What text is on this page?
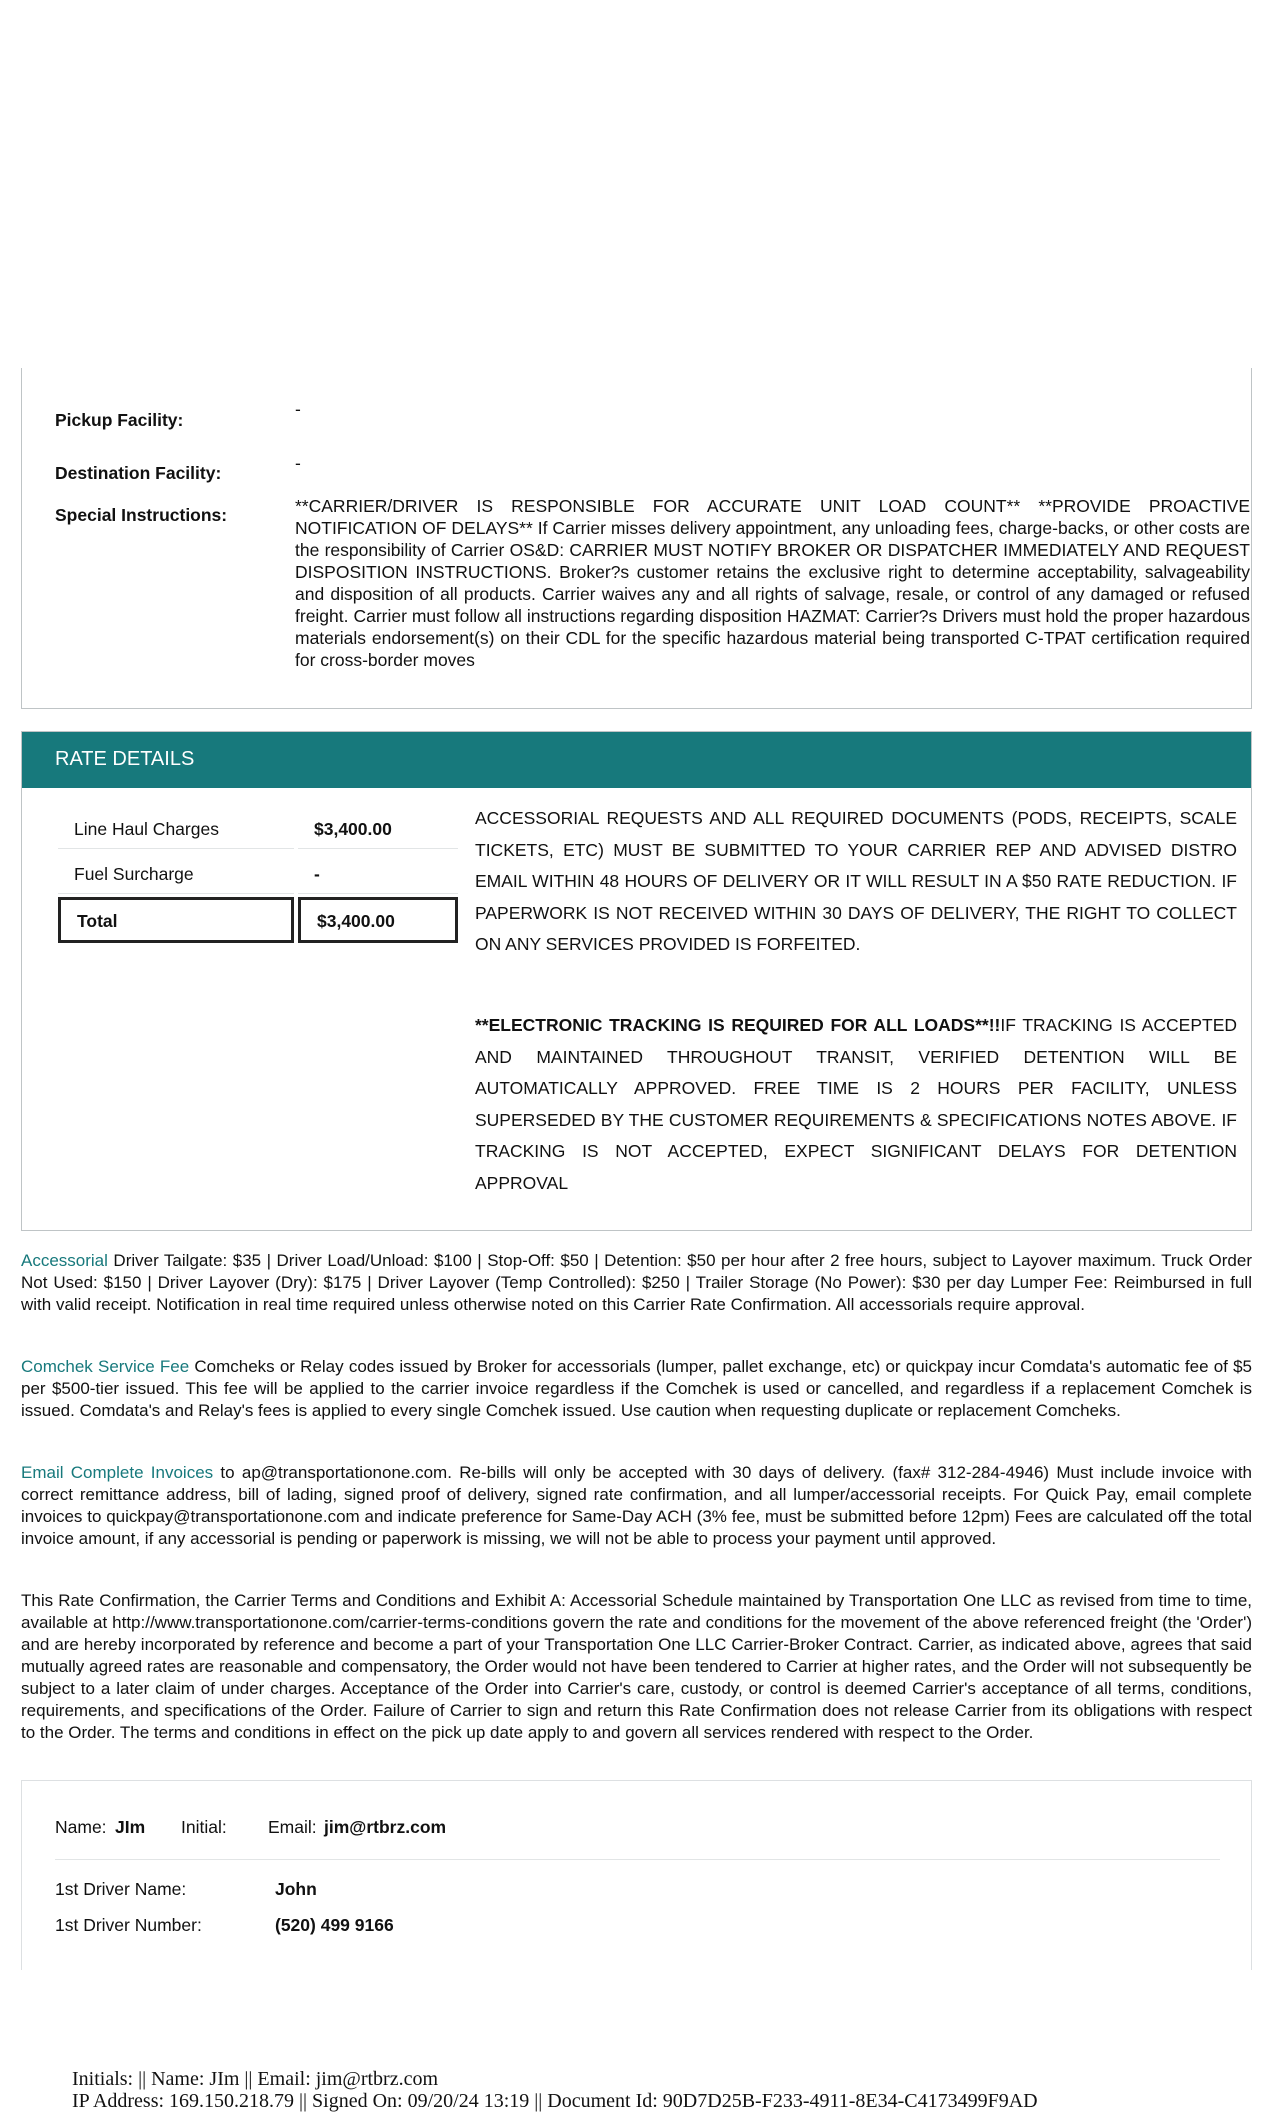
Pickup Facility:
-
Destination Facility:	-
Special Instructions:	**CARRIER/DRIVER IS RESPONSIBLE FOR ACCURATE UNIT LOAD COUNT** **PROVIDE PROACTIVE NOTIFICATION OF DELAYS** If Carrier misses delivery appointment, any unloading fees, charge-backs, or other costs are the responsibility of Carrier OS&D: CARRIER MUST NOTIFY BROKER OR DISPATCHER IMMEDIATELY AND REQUEST DISPOSITION INSTRUCTIONS. Broker?s customer retains the exclusive right to determine acceptability, salvageability and disposition of all products. Carrier waives any and all rights of salvage, resale, or control of any damaged or refused freight. Carrier must follow all instructions regarding disposition HAZMAT: Carrier?s Drivers must hold the proper hazardous materials endorsement(s) on their CDL for the specific hazardous material being transported C-TPAT certification required for cross-border moves
RATE DETAILS
Line Haul Charges	$3,400.00
Fuel Surcharge	-
Total	$3,400.00
ACCESSORIAL REQUESTS AND ALL REQUIRED DOCUMENTS (PODS, RECEIPTS, SCALE TICKETS, ETC) MUST BE SUBMITTED TO YOUR CARRIER REP AND ADVISED DISTRO EMAIL WITHIN 48 HOURS OF DELIVERY OR IT WILL RESULT IN A $50 RATE REDUCTION. IF PAPERWORK IS NOT RECEIVED WITHIN 30 DAYS OF DELIVERY, THE RIGHT TO COLLECT ON ANY SERVICES PROVIDED IS FORFEITED.
**ELECTRONIC TRACKING IS REQUIRED FOR ALL LOADS**!!IF TRACKING IS ACCEPTED AND MAINTAINED THROUGHOUT TRANSIT, VERIFIED DETENTION WILL BE AUTOMATICALLY APPROVED. FREE TIME IS 2 HOURS PER FACILITY, UNLESS SUPERSEDED BY THE CUSTOMER REQUIREMENTS & SPECIFICATIONS NOTES ABOVE. IF TRACKING IS NOT ACCEPTED, EXPECT SIGNIFICANT DELAYS FOR DETENTION APPROVAL
Accessorial Driver Tailgate: $35 | Driver Load/Unload: $100 | Stop-Off: $50 | Detention: $50 per hour after 2 free hours, subject to Layover maximum. Truck Order Not Used: $150 | Driver Layover (Dry): $175 | Driver Layover (Temp Controlled): $250 | Trailer Storage (No Power): $30 per day Lumper Fee: Reimbursed in full with valid receipt. Notification in real time required unless otherwise noted on this Carrier Rate Confirmation. All accessorials require approval.
Comchek Service Fee Comcheks or Relay codes issued by Broker for accessorials (lumper, pallet exchange, etc) or quickpay incur Comdata's automatic fee of $5 per $500-tier issued. This fee will be applied to the carrier invoice regardless if the Comchek is used or cancelled, and regardless if a replacement Comchek is issued. Comdata's and Relay's fees is applied to every single Comchek issued. Use caution when requesting duplicate or replacement Comcheks.
Email Complete Invoices to ap@transportationone.com. Re-bills will only be accepted with 30 days of delivery. (fax# 312-284-4946) Must include invoice with correct remittance address, bill of lading, signed proof of delivery, signed rate confirmation, and all lumper/accessorial receipts. For Quick Pay, email complete invoices to quickpay@transportationone.com and indicate preference for Same-Day ACH (3% fee, must be submitted before 12pm) Fees are calculated off the total invoice amount, if any accessorial is pending or paperwork is missing, we will not be able to process your payment until approved.
This Rate Confirmation, the Carrier Terms and Conditions and Exhibit A: Accessorial Schedule maintained by Transportation One LLC as revised from time to time, available at http://www.transportationone.com/carrier-terms-conditions govern the rate and conditions for the movement of the above referenced freight (the 'Order') and are hereby incorporated by reference and become a part of your Transportation One LLC Carrier-Broker Contract. Carrier, as indicated above, agrees that said mutually agreed rates are reasonable and compensatory, the Order would not have been tendered to Carrier at higher rates, and the Order will not subsequently be subject to a later claim of under charges. Acceptance of the Order into Carrier's care, custody, or control is deemed Carrier's acceptance of all terms, conditions, requirements, and specifications of the Order. Failure of Carrier to sign and return this Rate Confirmation does not release Carrier from its obligations with respect to the Order. The terms and conditions in effect on the pick up date apply to and govern all services rendered with respect to the Order.
Name: JIm Initial: Email: jim@rtbrz.com
1st Driver Name:	John
1st Driver Number:	(520) 499 9166
Initials: || Name: JIm || Email: jim@rtbrz.com
IP Address: 169.150.218.79 || Signed On: 09/20/24 13:19 || Document Id: 90D7D25B-F233-4911-8E34-C4173499F9AD
